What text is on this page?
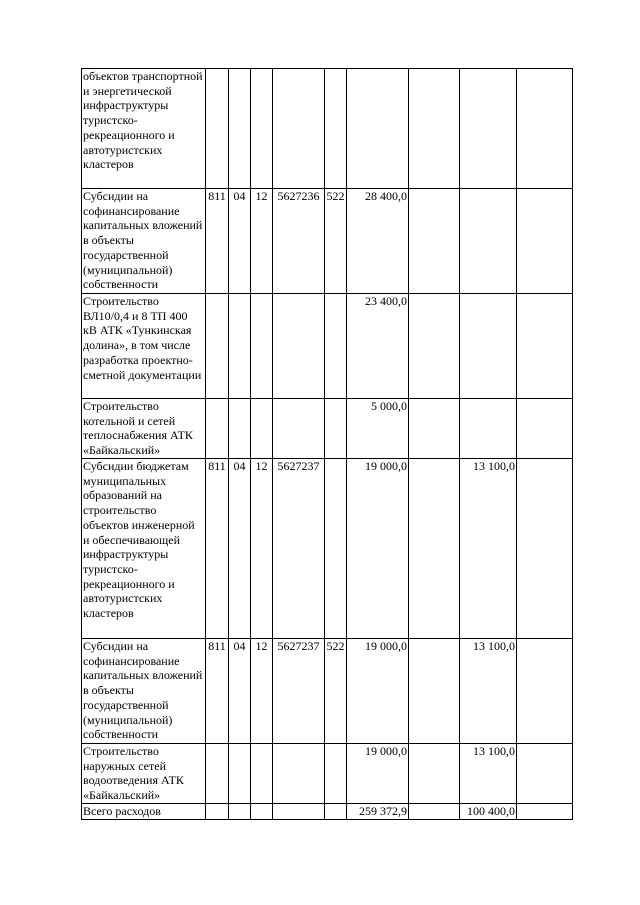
объектов транспортной и энергетической инфраструктуры туристско-рекреационного и автотуристских кластеров									
Субсидии на софинансирование капитальных вложений в объекты государственной (муниципальной) собственности	811	04	12	5627236	522	28 400,0			
Строительство ВЛ10/0,4 и 8 ТП 400 кВ АТК «Тункинская долина», в том числе разработка проектно-сметной документации						23 400,0			
Строительство котельной и сетей теплоснабжения АТК «Байкальский»						5 000,0			
Субсидии бюджетам муниципальных образований на строительство объектов инженерной и обеспечивающей инфраструктуры туристско-рекреационного и автотуристских кластеров	811	04	12	5627237		19 000,0		13 100,0	
Субсидии на софинансирование капитальных вложений в объекты государственной (муниципальной) собственности	811	04	12	5627237	522	19 000,0		13 100,0	
Строительство наружных сетей водоотведения АТК «Байкальский»						19 000,0		13 100,0	
Всего расходов						259 372,9		100 400,0	
